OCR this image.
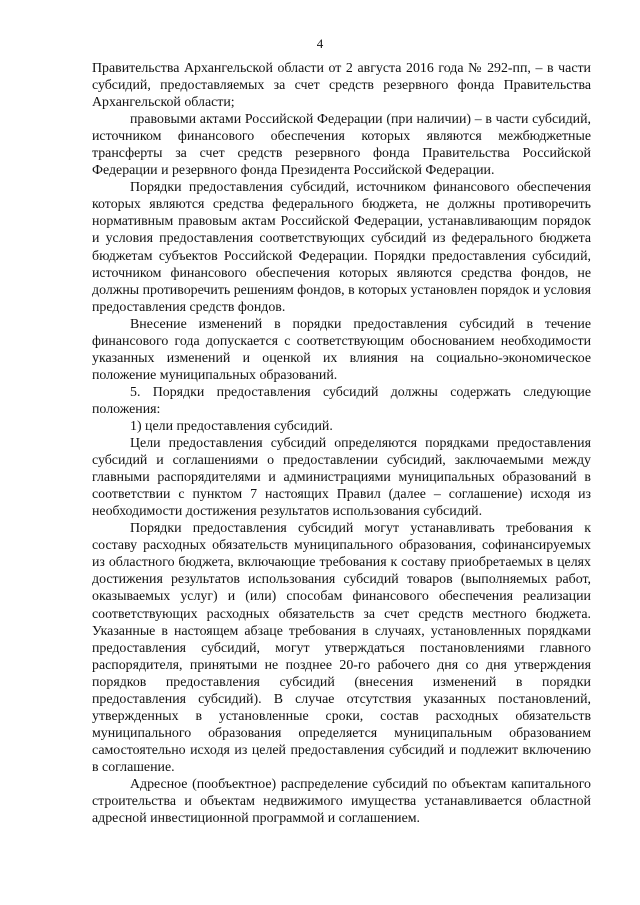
4

Правительства Архангельской области от 2 августа 2016 года № 292-пп, – в части субсидий, предоставляемых за счет средств резервного фонда Правительства Архангельской области;

правовыми актами Российской Федерации (при наличии) – в части субсидий, источником финансового обеспечения которых являются межбюджетные трансферты за счет средств резервного фонда Правительства Российской Федерации и резервного фонда Президента Российской Федерации.

Порядки предоставления субсидий, источником финансового обеспечения которых являются средства федерального бюджета, не должны противоречить нормативным правовым актам Российской Федерации, устанавливающим порядок и условия предоставления соответствующих субсидий из федерального бюджета бюджетам субъектов Российской Федерации. Порядки предоставления субсидий, источником финансового обеспечения которых являются средства фондов, не должны противоречить решениям фондов, в которых установлен порядок и условия предоставления средств фондов.

Внесение изменений в порядки предоставления субсидий в течение финансового года допускается с соответствующим обоснованием необходимости указанных изменений и оценкой их влияния на социально-экономическое положение муниципальных образований.

5. Порядки предоставления субсидий должны содержать следующие положения:

1) цели предоставления субсидий.

Цели предоставления субсидий определяются порядками предоставления субсидий и соглашениями о предоставлении субсидий, заключаемыми между главными распорядителями и администрациями муниципальных образований в соответствии с пунктом 7 настоящих Правил (далее – соглашение) исходя из необходимости достижения результатов использования субсидий.

Порядки предоставления субсидий могут устанавливать требования к составу расходных обязательств муниципального образования, софинансируемых из областного бюджета, включающие требования к составу приобретаемых в целях достижения результатов использования субсидий товаров (выполняемых работ, оказываемых услуг) и (или) способам финансового обеспечения реализации соответствующих расходных обязательств за счет средств местного бюджета. Указанные в настоящем абзаце требования в случаях, установленных порядками предоставления субсидий, могут утверждаться постановлениями главного распорядителя, принятыми не позднее 20-го рабочего дня со дня утверждения порядков предоставления субсидий (внесения изменений в порядки предоставления субсидий). В случае отсутствия указанных постановлений, утвержденных в установленные сроки, состав расходных обязательств муниципального образования определяется муниципальным образованием самостоятельно исходя из целей предоставления субсидий и подлежит включению в соглашение.

Адресное (пообъектное) распределение субсидий по объектам капитального строительства и объектам недвижимого имущества устанавливается областной адресной инвестиционной программой и соглашением.
